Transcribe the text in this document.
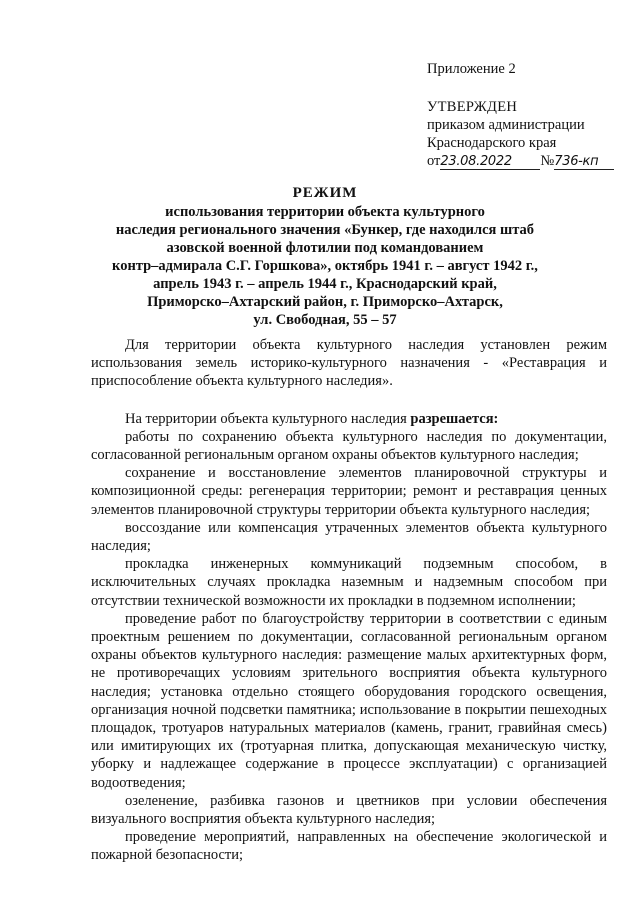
Приложение 2
УТВЕРЖДЕН
приказом администрации
Краснодарского края
от23.08.2022 №736-кп
РЕЖИМ
использования территории объекта культурного
наследия регионального значения «Бункер, где находился штаб
азовской военной флотилии под командованием
контр–адмирала С.Г. Горшкова», октябрь 1941 г. – август 1942 г.,
апрель 1943 г. – апрель 1944 г., Краснодарский край,
Приморско–Ахтарский район, г. Приморско–Ахтарск,
ул. Свободная, 55 – 57

Для территории объекта культурного наследия установлен режим использования земель историко-культурного назначения - «Реставрация и приспособление объекта культурного наследия».

На территории объекта культурного наследия разрешается:

работы по сохранению объекта культурного наследия по документации, согласованной региональным органом охраны объектов культурного наследия;

сохранение и восстановление элементов планировочной структуры и композиционной среды: регенерация территории; ремонт и реставрация ценных элементов планировочной структуры территории объекта культурного наследия;

воссоздание или компенсация утраченных элементов объекта культурного наследия;

прокладка инженерных коммуникаций подземным способом, в исключительных случаях прокладка наземным и надземным способом при отсутствии технической возможности их прокладки в подземном исполнении;

проведение работ по благоустройству территории в соответствии с единым проектным решением по документации, согласованной региональным органом охраны объектов культурного наследия: размещение малых архитектурных форм, не противоречащих условиям зрительного восприятия объекта культурного наследия; установка отдельно стоящего оборудования городского освещения, организация ночной подсветки памятника; использование в покрытии пешеходных площадок, тротуаров натуральных материалов (камень, гранит, гравийная смесь) или имитирующих их (тротуарная плитка, допускающая механическую чистку, уборку и надлежащее содержание в процессе эксплуатации) с организацией водоотведения;

озеленение, разбивка газонов и цветников при условии обеспечения визуального восприятия объекта культурного наследия;

проведение мероприятий, направленных на обеспечение экологической и пожарной безопасности;
